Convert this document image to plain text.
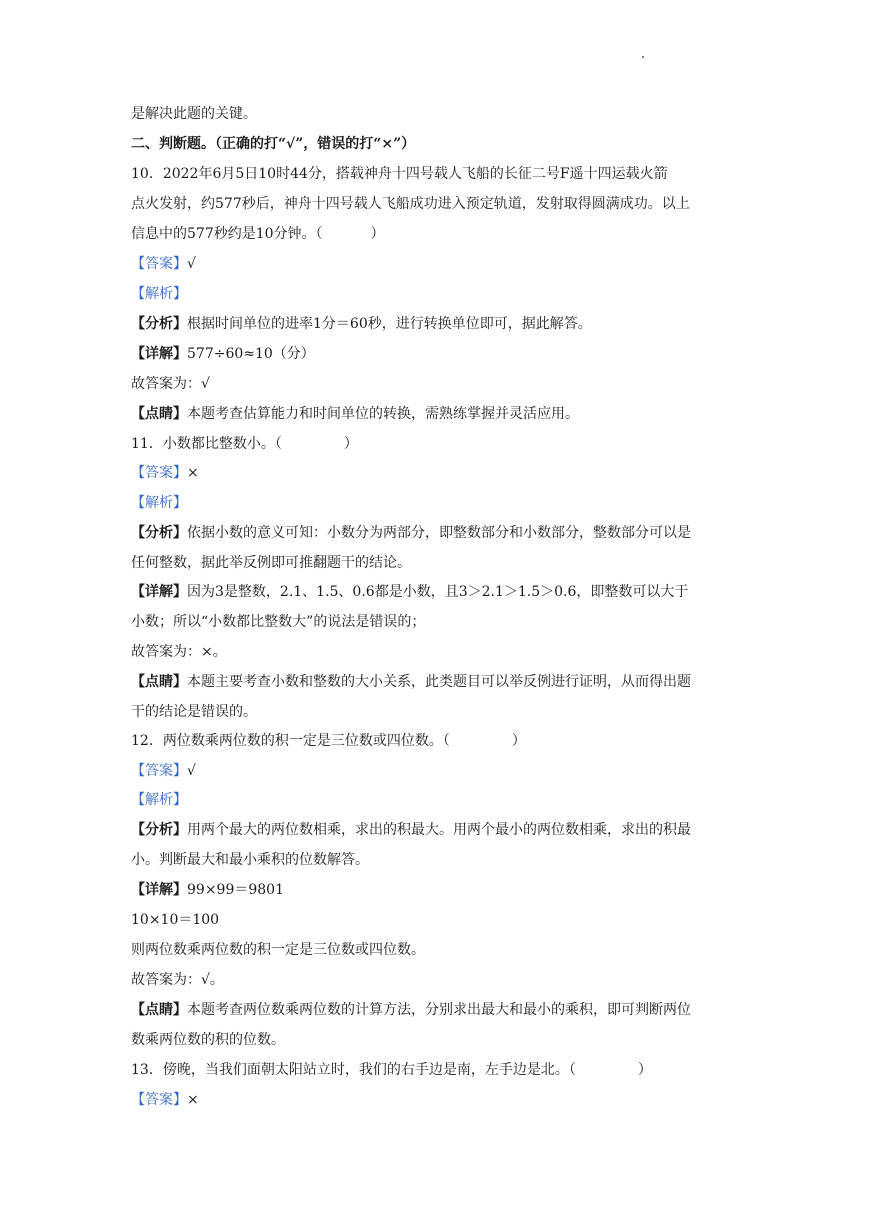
是解决此题的关键。
二、判断题。（正确的打“√”，错误的打“×”）
10．2022年6月5日10时44分，搭载神舟十四号载人飞船的长征二号F遥十四运载火箭
点火发射，约577秒后，神舟十四号载人飞船成功进入预定轨道，发射取得圆满成功。以上
信息中的577秒约是10分钟。（	）
【答案】√
【解析】
【分析】根据时间单位的进率1分＝60秒，进行转换单位即可，据此解答。
【详解】577÷60≈10（分）
故答案为：√
【点睛】本题考查估算能力和时间单位的转换，需熟练掌握并灵活应用。
11．小数都比整数小。（	）
【答案】×
【解析】
【分析】依据小数的意义可知：小数分为两部分，即整数部分和小数部分，整数部分可以是
任何整数，据此举反例即可推翻题干的结论。
【详解】因为3是整数，2.1、1.5、0.6都是小数，且3＞2.1＞1.5＞0.6，即整数可以大于
小数；所以“小数都比整数大”的说法是错误的；
故答案为：×。
【点睛】本题主要考查小数和整数的大小关系，此类题目可以举反例进行证明，从而得出题
干的结论是错误的。
12．两位数乘两位数的积一定是三位数或四位数。（	）
【答案】√
【解析】
【分析】用两个最大的两位数相乘，求出的积最大。用两个最小的两位数相乘，求出的积最
小。判断最大和最小乘积的位数解答。
【详解】99×99＝9801
10×10＝100
则两位数乘两位数的积一定是三位数或四位数。
故答案为：√。
【点睛】本题考查两位数乘两位数的计算方法，分别求出最大和最小的乘积，即可判断两位
数乘两位数的积的位数。
13．傍晚，当我们面朝太阳站立时，我们的右手边是南，左手边是北。（	）
【答案】×
